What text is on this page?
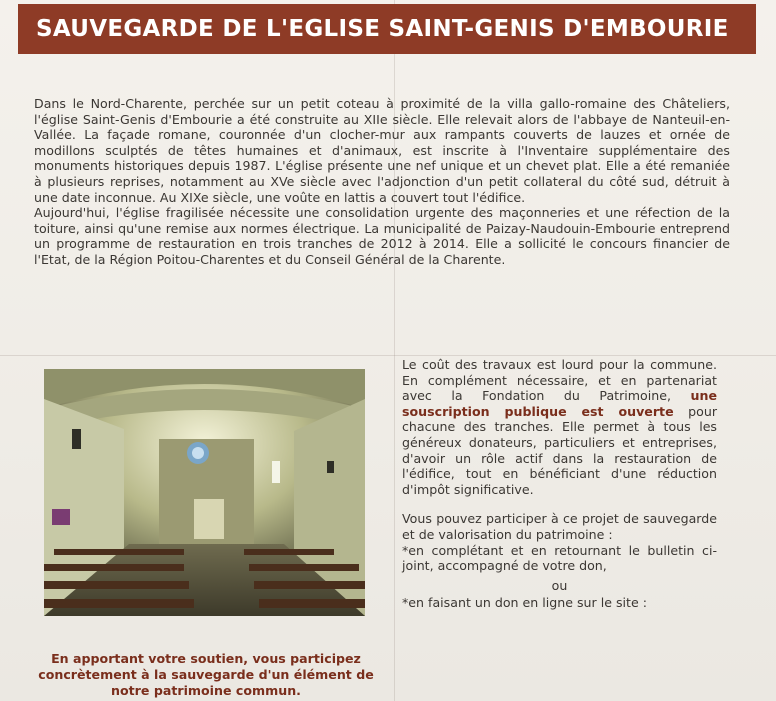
SAUVEGARDE DE L'EGLISE SAINT-GENIS D'EMBOURIE

Dans le Nord-Charente, perchée sur un petit coteau à proximité de la villa gallo-romaine des Châteliers, l'église Saint-Genis d'Embourie a été construite au XIIe siècle. Elle relevait alors de l'abbaye de Nanteuil-en-Vallée. La façade romane, couronnée d'un clocher-mur aux rampants couverts de lauzes et ornée de modillons sculptés de têtes humaines et d'animaux, est inscrite à l'Inventaire supplémentaire des monuments historiques depuis 1987. L'église présente une nef unique et un chevet plat. Elle a été remaniée à plusieurs reprises, notamment au XVe siècle avec l'adjonction d'un petit collateral du côté sud, détruit à une date inconnue. Au XIXe siècle, une voûte en lattis a couvert tout l'édifice.

Aujourd'hui, l'église fragilisée nécessite une consolidation urgente des maçonneries et une réfection de la toiture, ainsi qu'une remise aux normes électrique. La municipalité de Paizay-Naudouin-Embourie entreprend un programme de restauration en trois tranches de 2012 à 2014. Elle a sollicité le concours financier de l'Etat, de la Région Poitou-Charentes et du Conseil Général de la Charente.

En apportant votre soutien, vous participez concrètement à la sauvegarde d'un élément de notre patrimoine commun.

Le coût des travaux est lourd pour la commune. En complément nécessaire, et en partenariat avec la Fondation du Patrimoine, une souscription publique est ouverte pour chacune des tranches. Elle permet à tous les généreux donateurs, particuliers et entreprises, d'avoir un rôle actif dans la restauration de l'édifice, tout en bénéficiant d'une réduction d'impôt significative.

Vous pouvez participer à ce projet de sauvegarde et de valorisation du patrimoine :

*en complétant et en retournant le bulletin ci-joint, accompagné de votre don,

ou

*en faisant un don en ligne sur le site :
